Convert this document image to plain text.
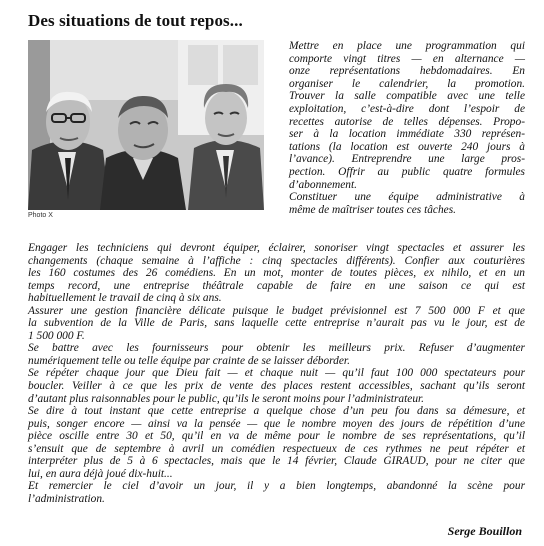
Des situations de tout repos...
Photo X
Mettre en place une programmation qui
comporte vingt titres — en alternance —
onze représentations hebdomadaires. En
organiser le calendrier, la promotion.
Trouver la salle compatible avec une telle
exploitation, c’est-à-dire dont l’espoir de
recettes autorise de telles dépenses. Propo-
ser à la location immédiate 330 représen-
tations (la location est ouverte 240 jours à
l’avance). Entreprendre une large pros-
pection. Offrir au public quatre formules
d’abonnement.
Constituer une équipe administrative à
même de maîtriser toutes ces tâches.
Engager les techniciens qui devront équiper, éclairer, sonoriser vingt spectacles et assurer les
changements (chaque semaine à l’affiche : cinq spectacles différents). Confier aux couturières
les 160 costumes des 26 comédiens. En un mot, monter de toutes pièces, ex nihilo, et en un
temps record, une entreprise théâtrale capable de faire en une saison ce qui est
habituellement le travail de cinq à six ans.
Assurer une gestion financière délicate puisque le budget prévisionnel est 7 500 000 F et que
la subvention de la Ville de Paris, sans laquelle cette entreprise n’aurait pas vu le jour, est de
1 500 000 F.
Se battre avec les fournisseurs pour obtenir les meilleurs prix. Refuser d’augmenter
numériquement telle ou telle équipe par crainte de se laisser déborder.
Se répéter chaque jour que Dieu fait — et chaque nuit — qu’il faut 100 000 spectateurs pour
boucler. Veiller à ce que les prix de vente des places restent accessibles, sachant qu’ils seront
d’autant plus raisonnables pour le public, qu’ils le seront moins pour l’administrateur.
Se dire à tout instant que cette entreprise a quelque chose d’un peu fou dans sa démesure, et
puis, songer encore — ainsi va la pensée — que le nombre moyen des jours de répétition d’une
pièce oscille entre 30 et 50, qu’il en va de même pour le nombre de ses représentations, qu’il
s’ensuit que de septembre à avril un comédien respectueux de ces rythmes ne peut répéter et
interpréter plus de 5 à 6 spectacles, mais que le 14 février, Claude GIRAUD, pour ne citer que
lui, en aura déjà joué dix-huit...
Et remercier le ciel d’avoir un jour, il y a bien longtemps, abandonné la scène pour
l’administration.
Serge Bouillon
